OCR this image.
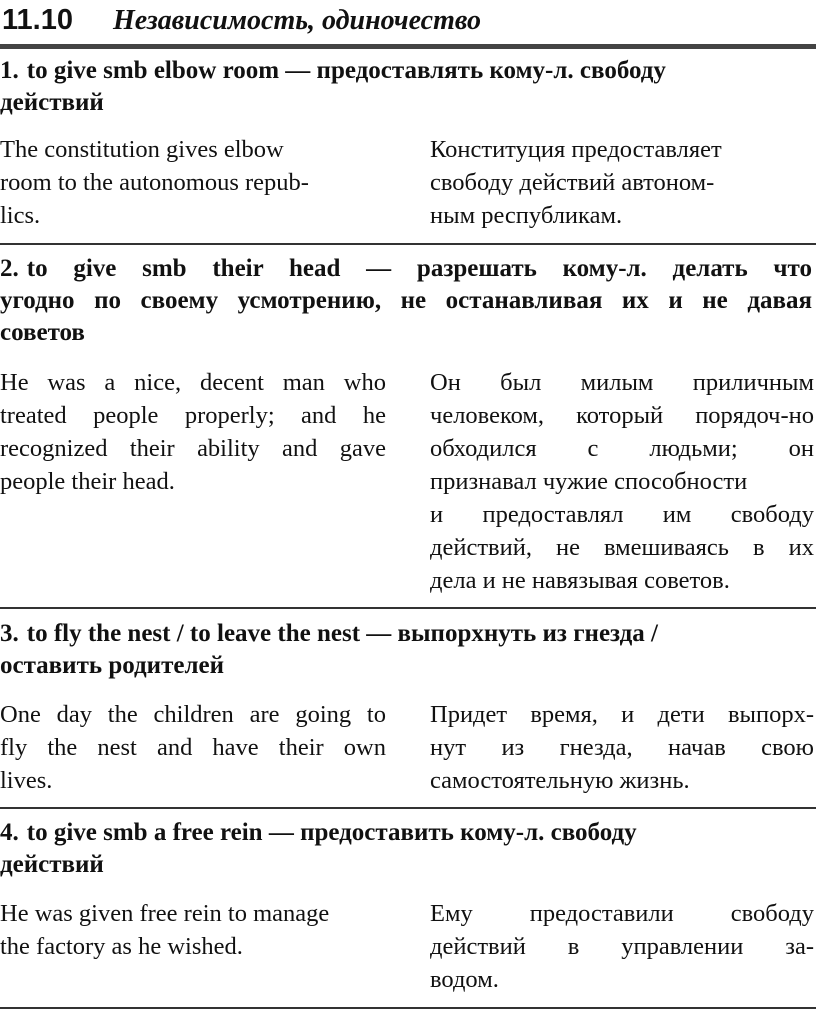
11.10 Независимость, одиночество
1. to give smb elbow room — предоставлять кому-л. свободу
действий
The constitution gives elbow
room to the autonomous repub-
lics.
Конституция предоставляет
свободу действий автоном-
ным республикам.
2. to give smb their head — разрешать кому-л. делать что
угодно по своему усмотрению, не останавливая их и не давая
советов
He was a nice, decent man who
treated people properly; and he
recognized their ability and gave
people their head.
Он был милым приличным
человеком, который порядоч-но
обходился с людьми; он
признавал чужие способности
и предоставлял им свободу
действий, не вмешиваясь в их
дела и не навязывая советов.
3. to fly the nest / to leave the nest — выпорхнуть из гнезда /
оставить родителей
One day the children are going to
fly the nest and have their own
lives.
Придет время, и дети выпорх-
нут из гнезда, начав свою
самостоятельную жизнь.
4. to give smb a free rein — предоставить кому-л. свободу
действий
He was given free rein to manage
the factory as he wished.
Ему предоставили свободу
действий в управлении за-
водом.
